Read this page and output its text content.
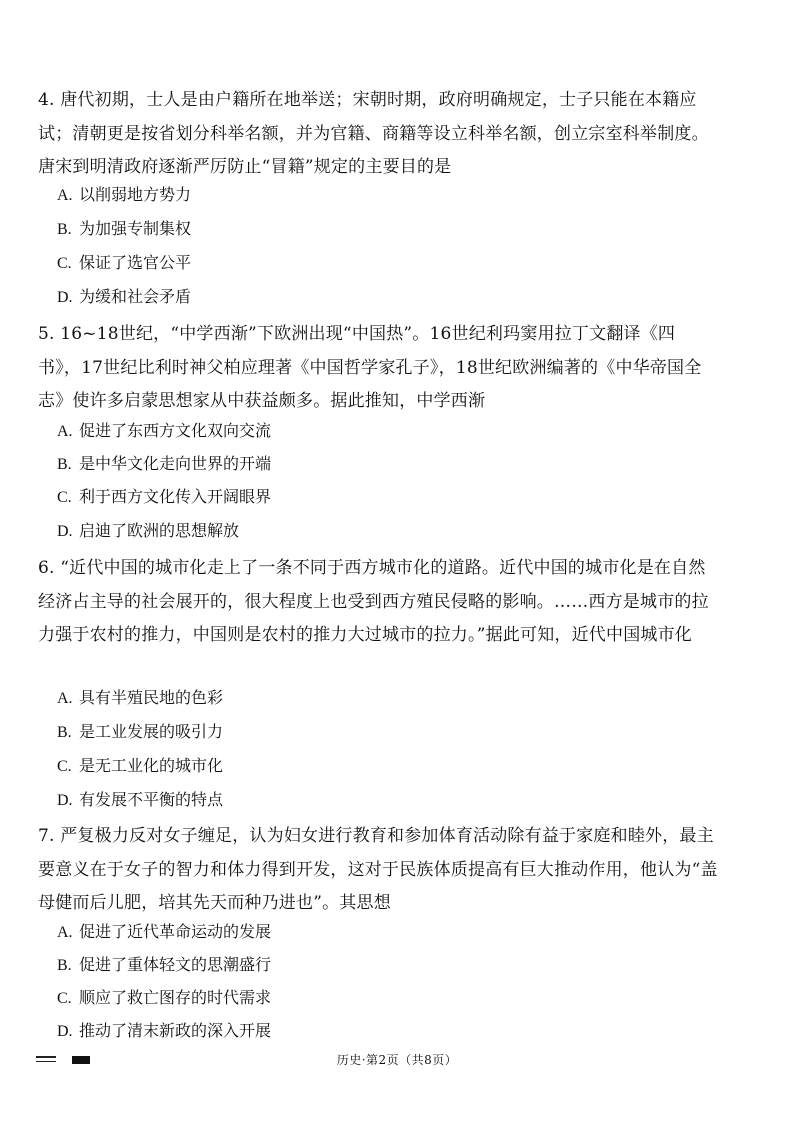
4. 唐代初期，士人是由户籍所在地举送；宋朝时期，政府明确规定，士子只能在本籍应试；清朝更是按省划分科举名额，并为官籍、商籍等设立科举名额，创立宗室科举制度。唐宋到明清政府逐渐严厉防止“冒籍”规定的主要目的是
A. 以削弱地方势力
B. 为加强专制集权
C. 保证了选官公平
D. 为缓和社会矛盾
5. 16~18世纪，“中学西渐”下欧洲出现“中国热”。16世纪利玛窦用拉丁文翻译《四书》，17世纪比利时神父柏应理著《中国哲学家孔子》，18世纪欧洲编著的《中华帝国全志》使许多启蒙思想家从中获益颇多。据此推知，中学西渐
A. 促进了东西方文化双向交流
B. 是中华文化走向世界的开端
C. 利于西方文化传入开阔眼界
D. 启迪了欧洲的思想解放
6. “近代中国的城市化走上了一条不同于西方城市化的道路。近代中国的城市化是在自然经济占主导的社会展开的，很大程度上也受到西方殖民侵略的影响。……西方是城市的拉力强于农村的推力，中国则是农村的推力大过城市的拉力。”据此可知，近代中国城市化
A. 具有半殖民地的色彩
B. 是工业发展的吸引力
C. 是无工业化的城市化
D. 有发展不平衡的特点
7. 严复极力反对女子缠足，认为妇女进行教育和参加体育活动除有益于家庭和睦外，最主要意义在于女子的智力和体力得到开发，这对于民族体质提高有巨大推动作用，他认为“盖母健而后儿肥，培其先天而种乃进也”。其思想
A. 促进了近代革命运动的发展
B. 促进了重体轻文的思潮盛行
C. 顺应了救亡图存的时代需求
D. 推动了清末新政的深入开展
历史·第2页（共8页）
